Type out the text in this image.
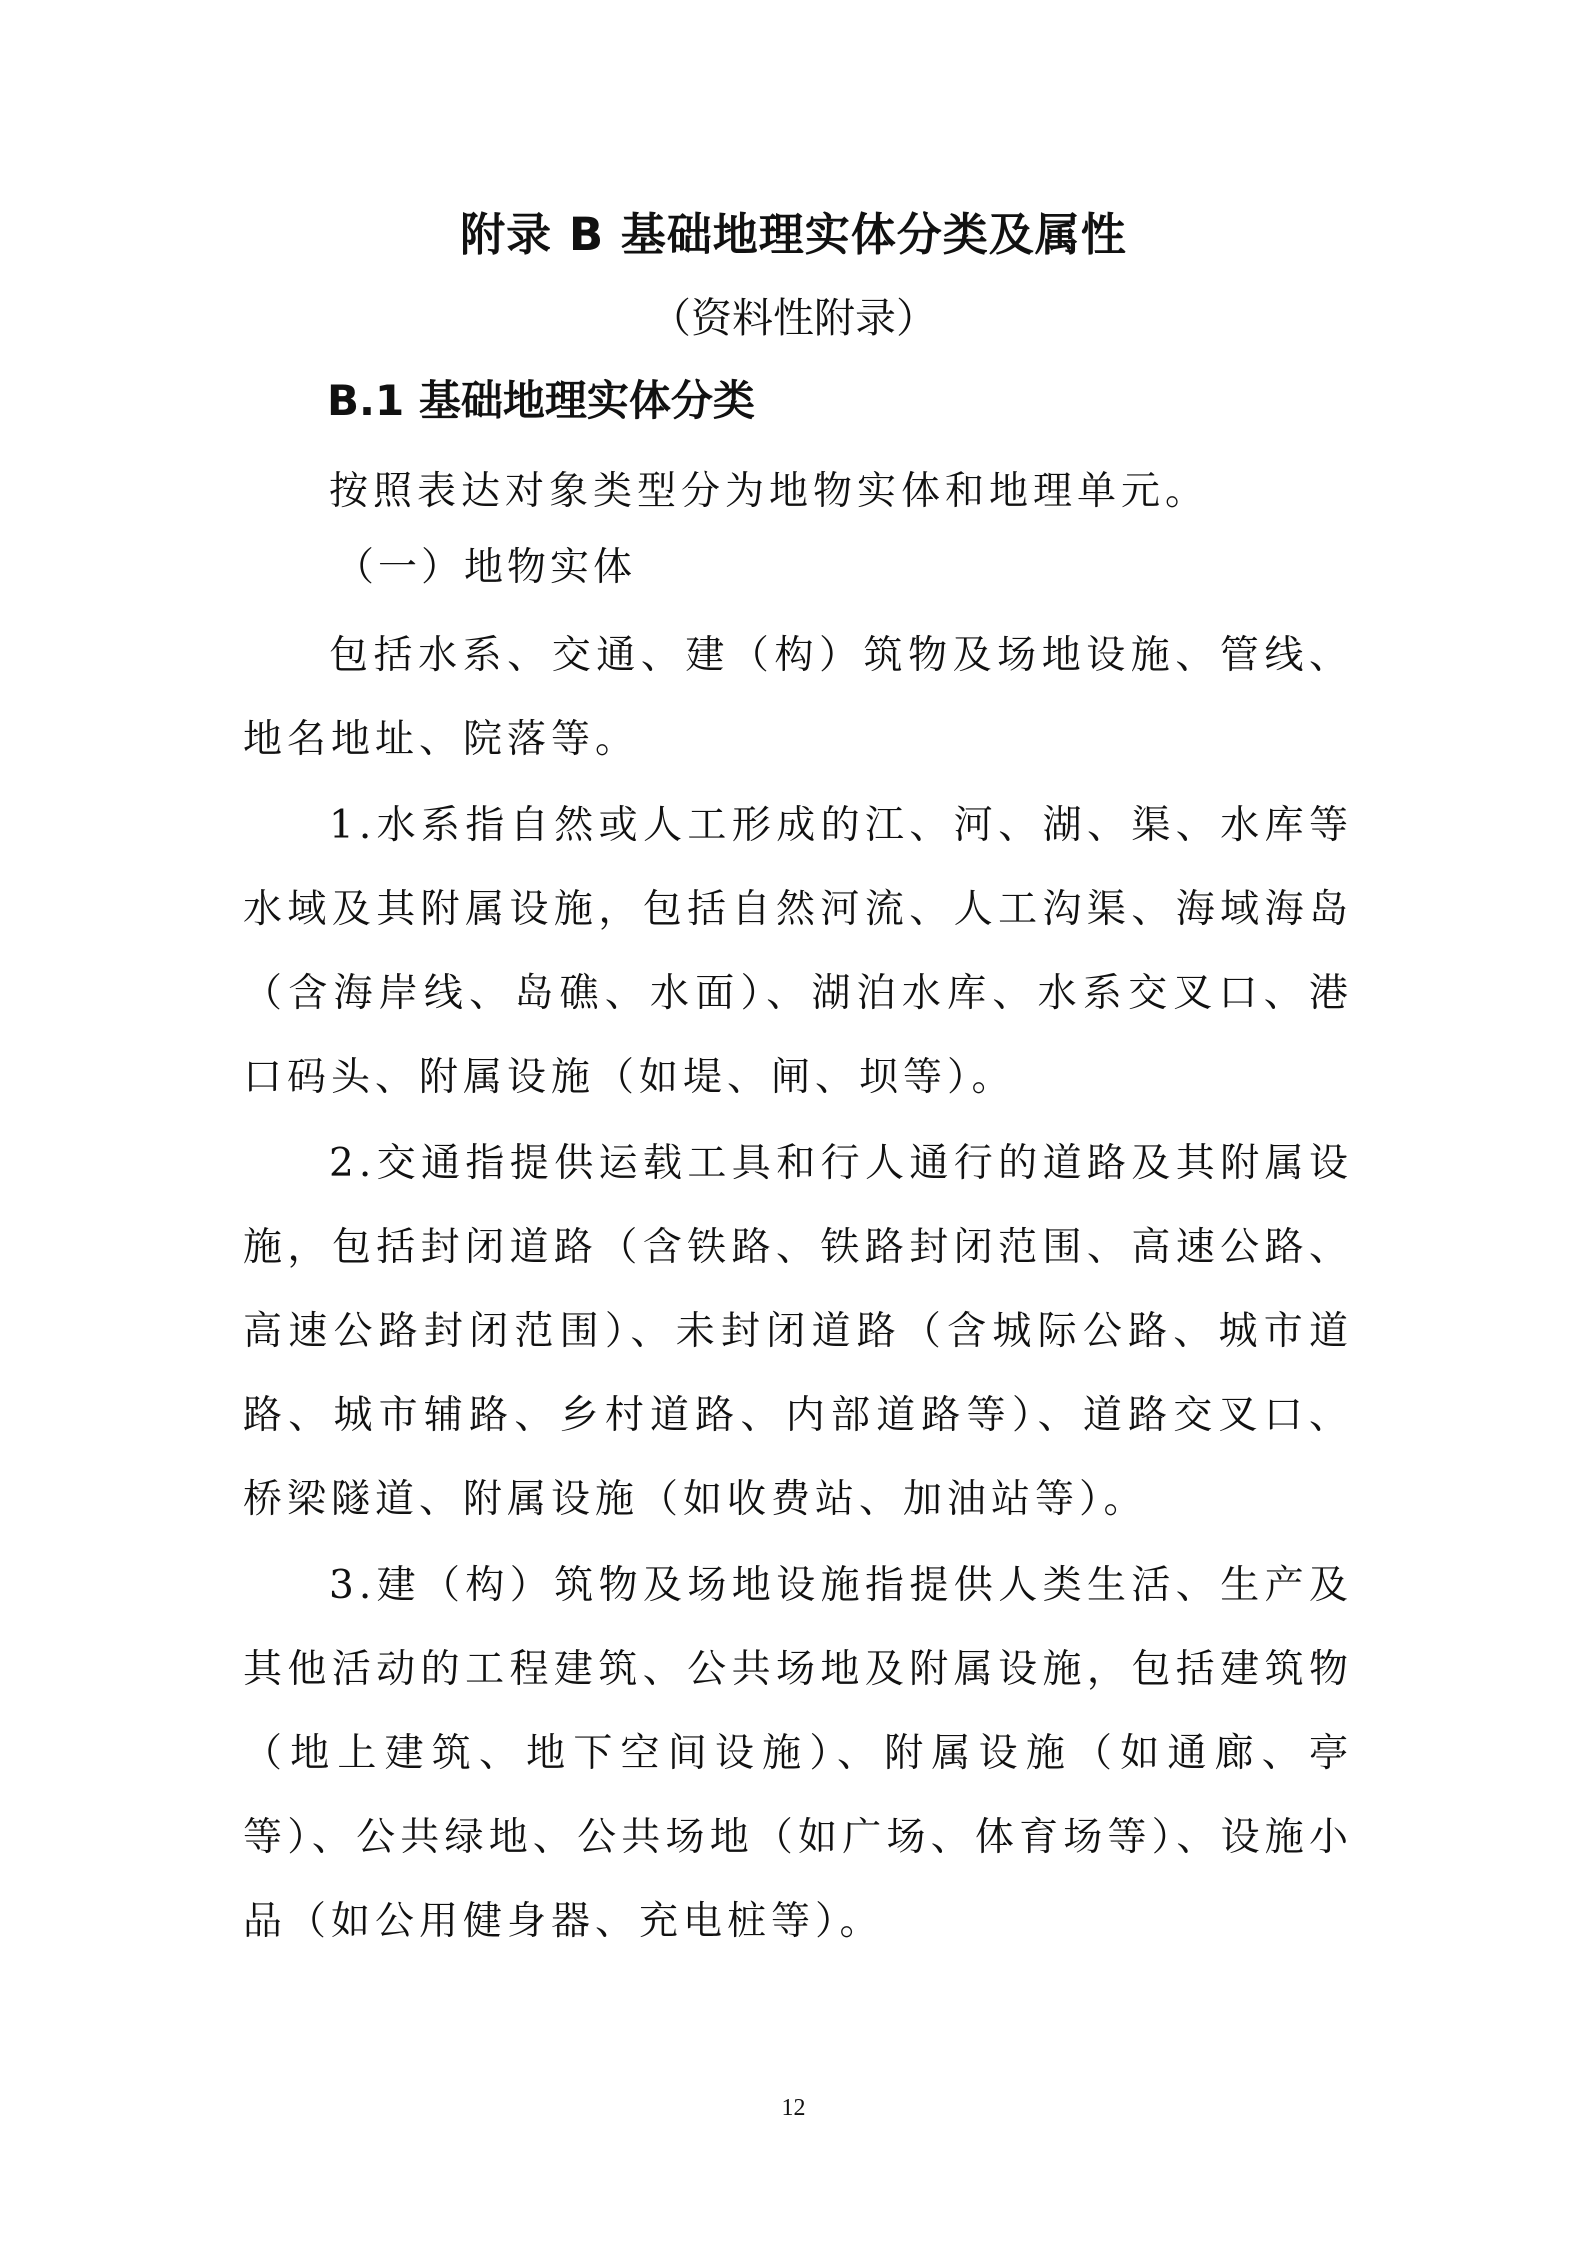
附录 B 基础地理实体分类及属性
（资料性附录）
B.1 基础地理实体分类
按照表达对象类型分为地物实体和地理单元。
（一）地物实体
包括水系、交通、建（构）筑物及场地设施、管线、地名地址、院落等。
1.水系指自然或人工形成的江、河、湖、渠、水库等水域及其附属设施，包括自然河流、人工沟渠、海域海岛（含海岸线、岛礁、水面）、湖泊水库、水系交叉口、港口码头、附属设施（如堤、闸、坝等）。
2.交通指提供运载工具和行人通行的道路及其附属设施，包括封闭道路（含铁路、铁路封闭范围、高速公路、高速公路封闭范围）、未封闭道路（含城际公路、城市道路、城市辅路、乡村道路、内部道路等）、道路交叉口、桥梁隧道、附属设施（如收费站、加油站等）。
3.建（构）筑物及场地设施指提供人类生活、生产及其他活动的工程建筑、公共场地及附属设施，包括建筑物（地上建筑、地下空间设施）、附属设施（如通廊、亭等）、公共绿地、公共场地（如广场、体育场等）、设施小品（如公用健身器、充电桩等）。
12
